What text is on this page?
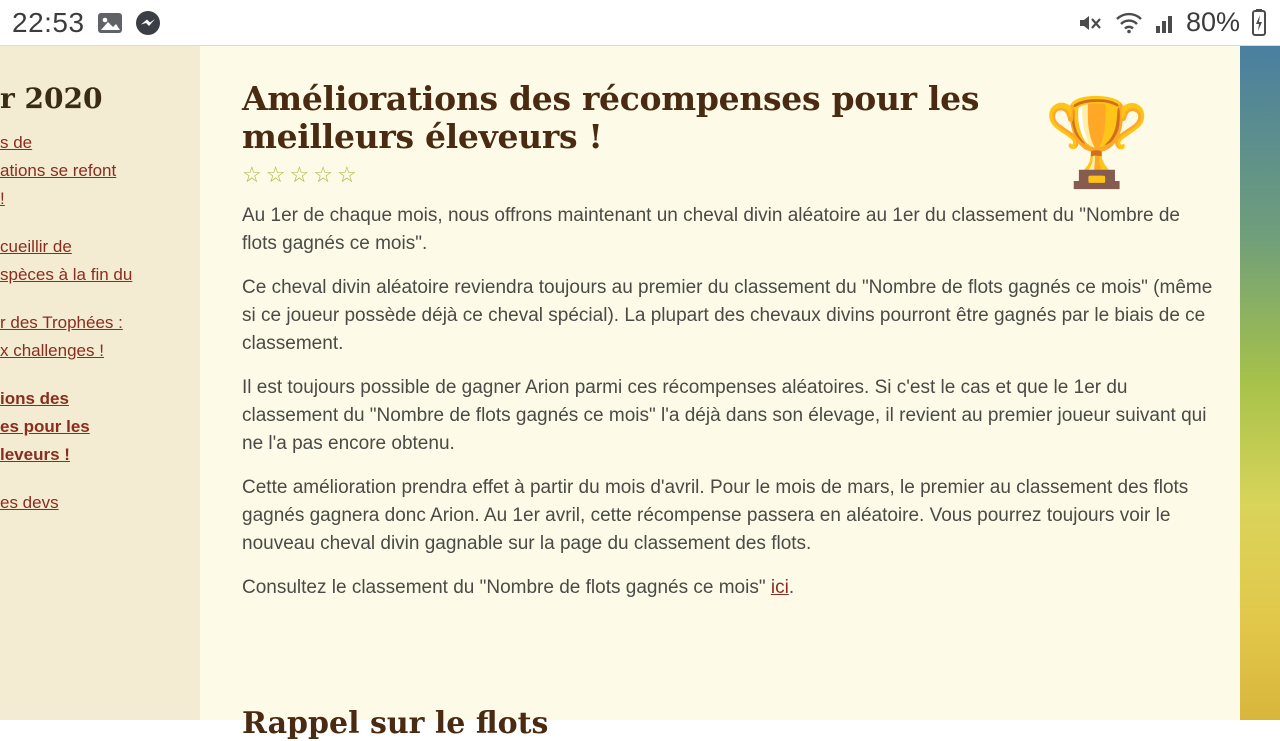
22:53	80%
r 2020
s de
ations se refont
!
cueillir de
spèces à la fin du
r des Trophées :
x challenges !
ions des
es pour les
leveurs !
es devs
🏆
Améliorations des récompenses pour les meilleurs éleveurs !
☆ ☆ ☆ ☆ ☆

Au 1er de chaque mois, nous offrons maintenant un cheval divin aléatoire au 1er du classement du "Nombre de flots gagnés ce mois".

Ce cheval divin aléatoire reviendra toujours au premier du classement du "Nombre de flots gagnés ce mois" (même si ce joueur possède déjà ce cheval spécial). La plupart des chevaux divins pourront être gagnés par le biais de ce classement.

Il est toujours possible de gagner Arion parmi ces récompenses aléatoires. Si c'est le cas et que le 1er du classement du "Nombre de flots gagnés ce mois" l'a déjà dans son élevage, il revient au premier joueur suivant qui ne l'a pas encore obtenu.

Cette amélioration prendra effet à partir du mois d'avril. Pour le mois de mars, le premier au classement des flots gagnés gagnera donc Arion. Au 1er avril, cette récompense passera en aléatoire. Vous pourrez toujours voir le nouveau cheval divin gagnable sur la page du classement des flots.

Consultez le classement du "Nombre de flots gagnés ce mois" ici.

Rappel sur le flots
